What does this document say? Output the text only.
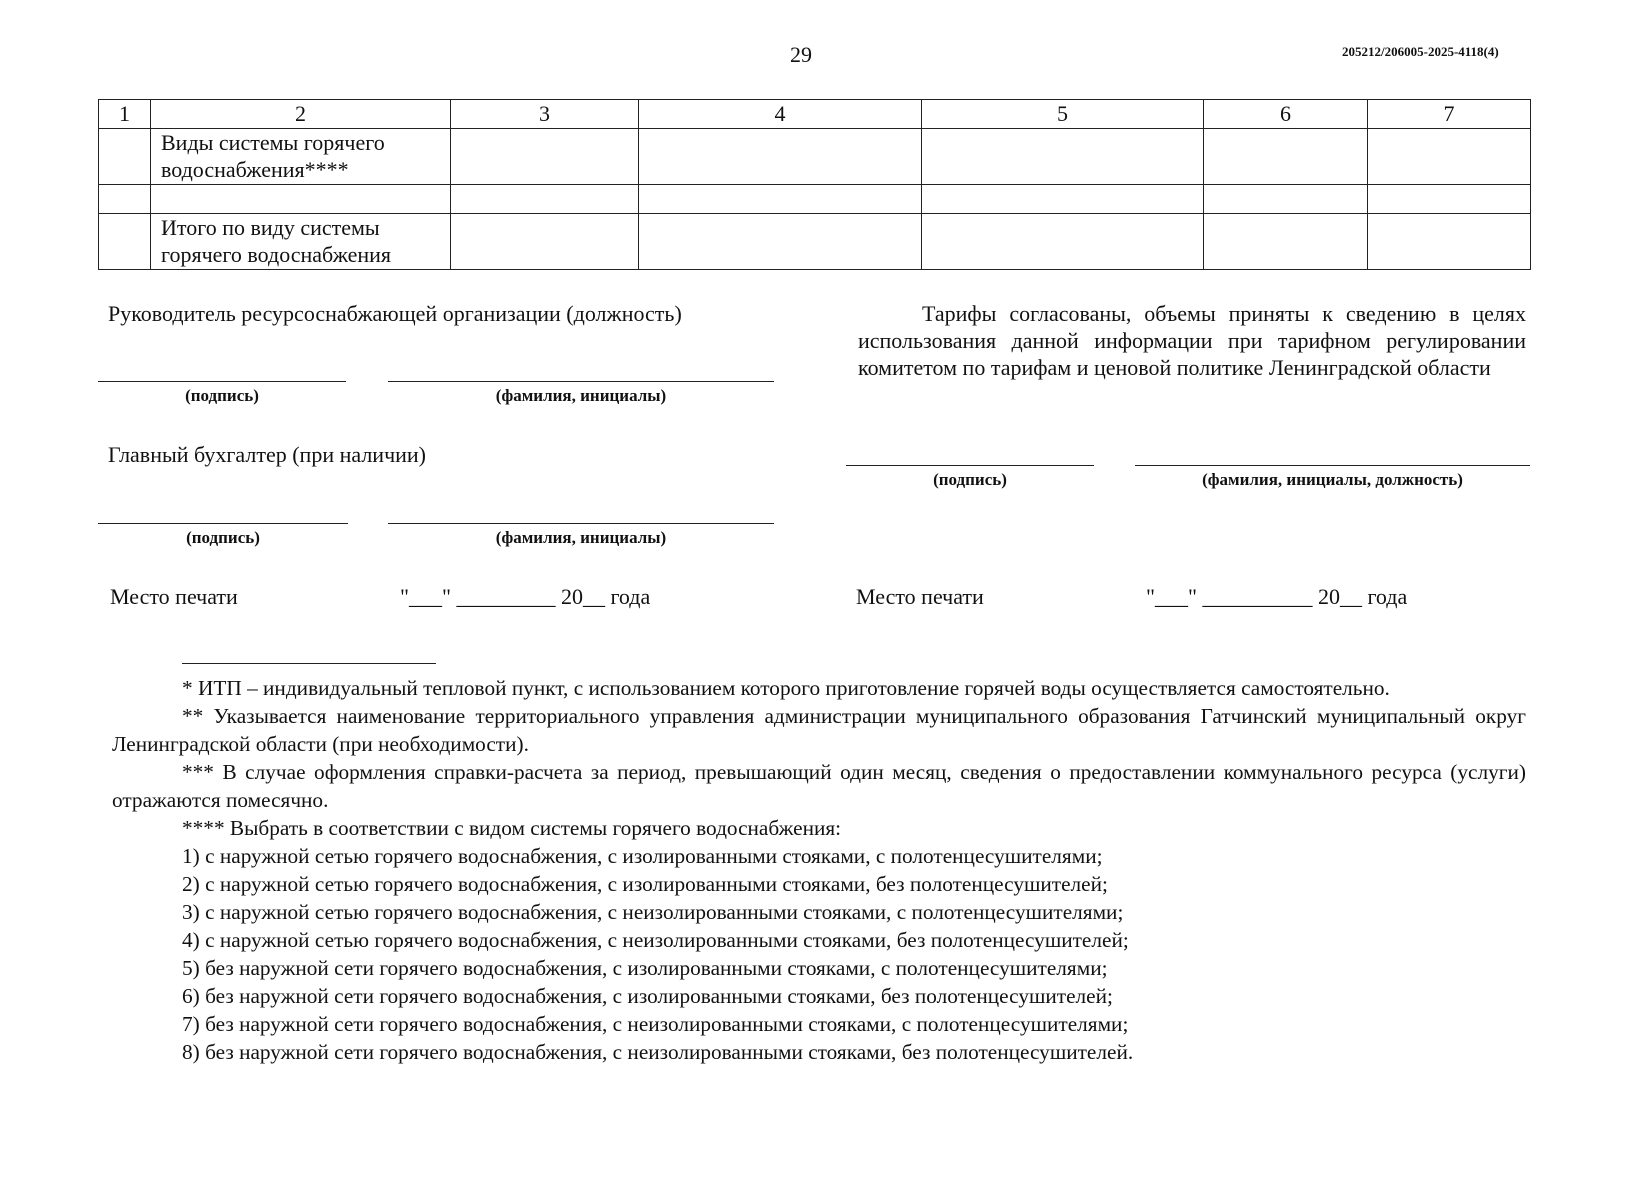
29	205212/206005-2025-4118(4)
1	2	3	4	5	6	7
	Виды системы горячего водоснабжения****					

	Итого по виду системы горячего водоснабжения					
Руководитель ресурсоснабжающей организации (должность)
(подпись)	(фамилия, инициалы)
Главный бухгалтер (при наличии)
(подпись)	(фамилия, инициалы)
Место печати	"___" _________ 20__ года
Тарифы согласованы, объемы приняты к сведению в целях использования данной информации при тарифном регулировании комитетом по тарифам и ценовой политике Ленинградской области
(подпись)	(фамилия, инициалы, должность)
Место печати	"___" __________ 20__ года

* ИТП – индивидуальный тепловой пункт, с использованием которого приготовление горячей воды осуществляется самостоятельно.

** Указывается наименование территориального управления администрации муниципального образования Гатчинский муниципальный округ Ленинградской области (при необходимости).

*** В случае оформления справки-расчета за период, превышающий один месяц, сведения о предоставлении коммунального ресурса (услуги) отражаются помесячно.

**** Выбрать в соответствии с видом системы горячего водоснабжения:

1) с наружной сетью горячего водоснабжения, с изолированными стояками, с полотенцесушителями;

2) с наружной сетью горячего водоснабжения, с изолированными стояками, без полотенцесушителей;

3) с наружной сетью горячего водоснабжения, с неизолированными стояками, с полотенцесушителями;

4) с наружной сетью горячего водоснабжения, с неизолированными стояками, без полотенцесушителей;

5) без наружной сети горячего водоснабжения, с изолированными стояками, с полотенцесушителями;

6) без наружной сети горячего водоснабжения, с изолированными стояками, без полотенцесушителей;

7) без наружной сети горячего водоснабжения, с неизолированными стояками, с полотенцесушителями;

8) без наружной сети горячего водоснабжения, с неизолированными стояками, без полотенцесушителей.
